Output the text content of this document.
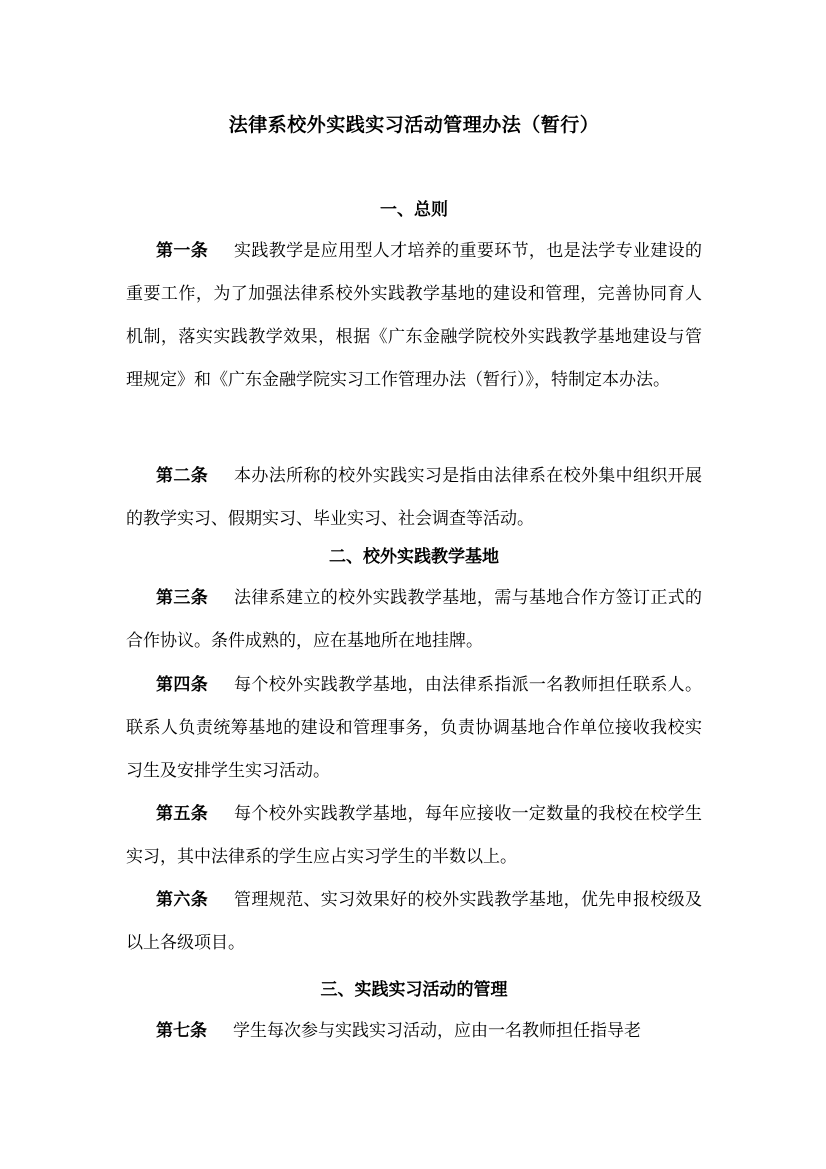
法律系校外实践实习活动管理办法（暂行）
一、总则
第一条 实践教学是应用型人才培养的重要环节，也是法学专业建设的重要工作，为了加强法律系校外实践教学基地的建设和管理，完善协同育人机制，落实实践教学效果，根据《广东金融学院校外实践教学基地建设与管理规定》和《广东金融学院实习工作管理办法（暂行）》，特制定本办法。
第二条 本办法所称的校外实践实习是指由法律系在校外集中组织开展的教学实习、假期实习、毕业实习、社会调查等活动。
二、校外实践教学基地
第三条 法律系建立的校外实践教学基地，需与基地合作方签订正式的合作协议。条件成熟的，应在基地所在地挂牌。
第四条 每个校外实践教学基地，由法律系指派一名教师担任联系人。联系人负责统筹基地的建设和管理事务，负责协调基地合作单位接收我校实习生及安排学生实习活动。
第五条 每个校外实践教学基地，每年应接收一定数量的我校在校学生实习，其中法律系的学生应占实习学生的半数以上。
第六条 管理规范、实习效果好的校外实践教学基地，优先申报校级及以上各级项目。
三、实践实习活动的管理
第七条 学生每次参与实践实习活动，应由一名教师担任指导老
